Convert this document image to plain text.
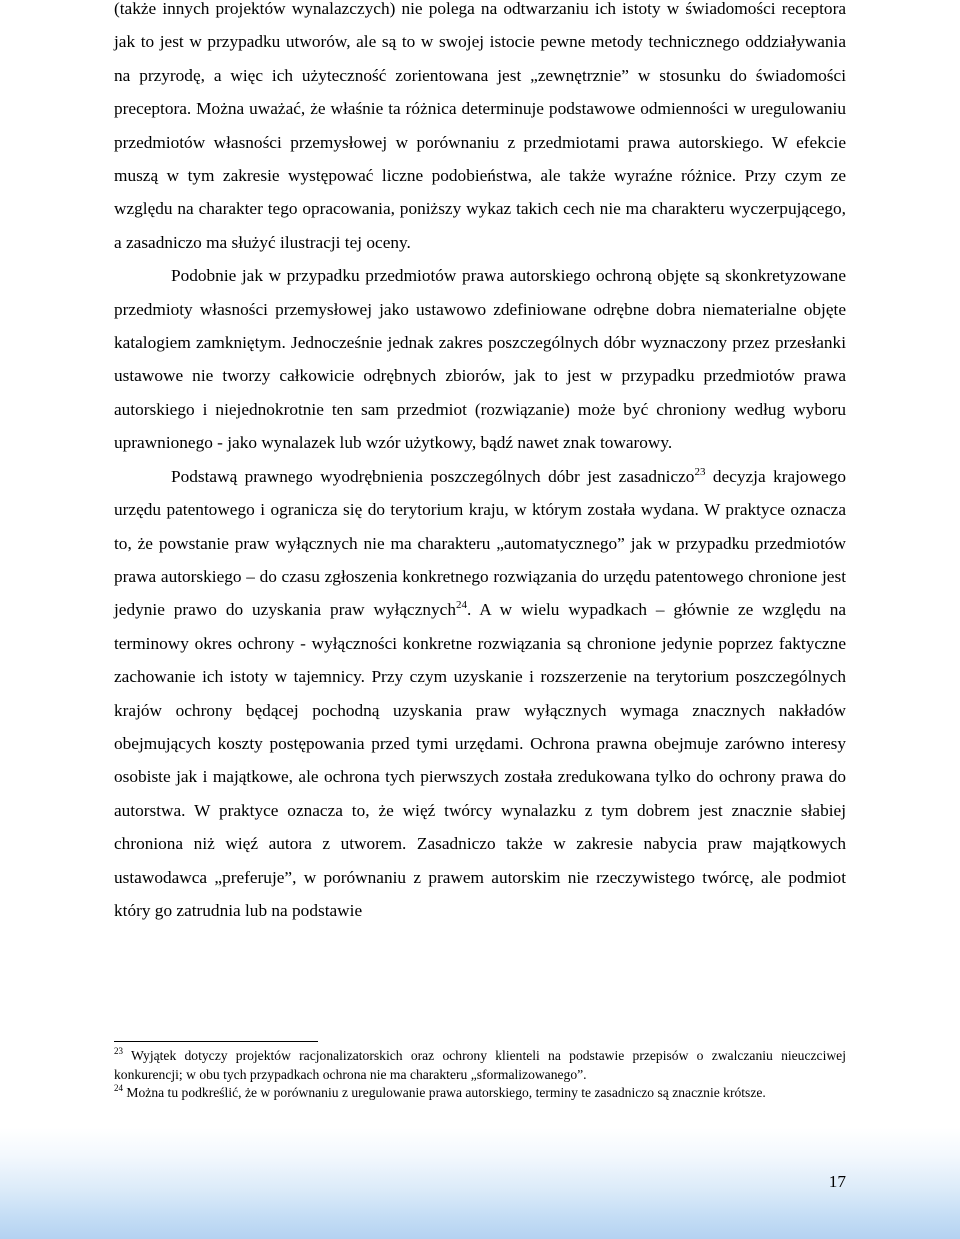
(także innych projektów wynalazczych) nie polega na odtwarzaniu ich istoty w świadomości receptora jak to jest w przypadku utworów, ale są to w swojej istocie pewne metody technicznego oddziaływania na przyrodę, a więc ich użyteczność zorientowana jest „zewnętrznie” w stosunku do świadomości preceptora. Można uważać, że właśnie ta różnica determinuje podstawowe odmienności w uregulowaniu przedmiotów własności przemysłowej w porównaniu z przedmiotami prawa autorskiego. W efekcie muszą w tym zakresie występować liczne podobieństwa, ale także wyraźne różnice. Przy czym ze względu na charakter tego opracowania, poniższy wykaz takich cech nie ma charakteru wyczerpującego, a zasadniczo ma służyć ilustracji tej oceny.

Podobnie jak w przypadku przedmiotów prawa autorskiego ochroną objęte są skonkretyzowane przedmioty własności przemysłowej jako ustawowo zdefiniowane odrębne dobra niematerialne objęte katalogiem zamkniętym. Jednocześnie jednak zakres poszczególnych dóbr wyznaczony przez przesłanki ustawowe nie tworzy całkowicie odrębnych zbiorów, jak to jest w przypadku przedmiotów prawa autorskiego i niejednokrotnie ten sam przedmiot (rozwiązanie) może być chroniony według wyboru uprawnionego - jako wynalazek lub wzór użytkowy, bądź nawet znak towarowy.

Podstawą prawnego wyodrębnienia poszczególnych dóbr jest zasadniczo$^{23}$ decyzja krajowego urzędu patentowego i ogranicza się do terytorium kraju, w którym została wydana. W praktyce oznacza to, że powstanie praw wyłącznych nie ma charakteru „automatycznego” jak w przypadku przedmiotów prawa autorskiego – do czasu zgłoszenia konkretnego rozwiązania do urzędu patentowego chronione jest jedynie prawo do uzyskania praw wyłącznych$^{24}$. A w wielu wypadkach – głównie ze względu na terminowy okres ochrony - wyłączności konkretne rozwiązania są chronione jedynie poprzez faktyczne zachowanie ich istoty w tajemnicy. Przy czym uzyskanie i rozszerzenie na terytorium poszczególnych krajów ochrony będącej pochodną uzyskania praw wyłącznych wymaga znacznych nakładów obejmujących koszty postępowania przed tymi urzędami. Ochrona prawna obejmuje zarówno interesy osobiste jak i majątkowe, ale ochrona tych pierwszych została zredukowana tylko do ochrony prawa do autorstwa. W praktyce oznacza to, że więź twórcy wynalazku z tym dobrem jest znacznie słabiej chroniona niż więź autora z utworem. Zasadniczo także w zakresie nabycia praw majątkowych ustawodawca „preferuje”, w porównaniu z prawem autorskim nie rzeczywistego twórcę, ale podmiot który go zatrudnia lub na podstawie

$^{23}$ Wyjątek dotyczy projektów racjonalizatorskich oraz ochrony klienteli na podstawie przepisów o zwalczaniu nieuczciwej konkurencji; w obu tych przypadkach ochrona nie ma charakteru „sformalizowanego”.

$^{24}$ Można tu podkreślić, że w porównaniu z uregulowanie prawa autorskiego, terminy te zasadniczo są znacznie krótsze.

17
